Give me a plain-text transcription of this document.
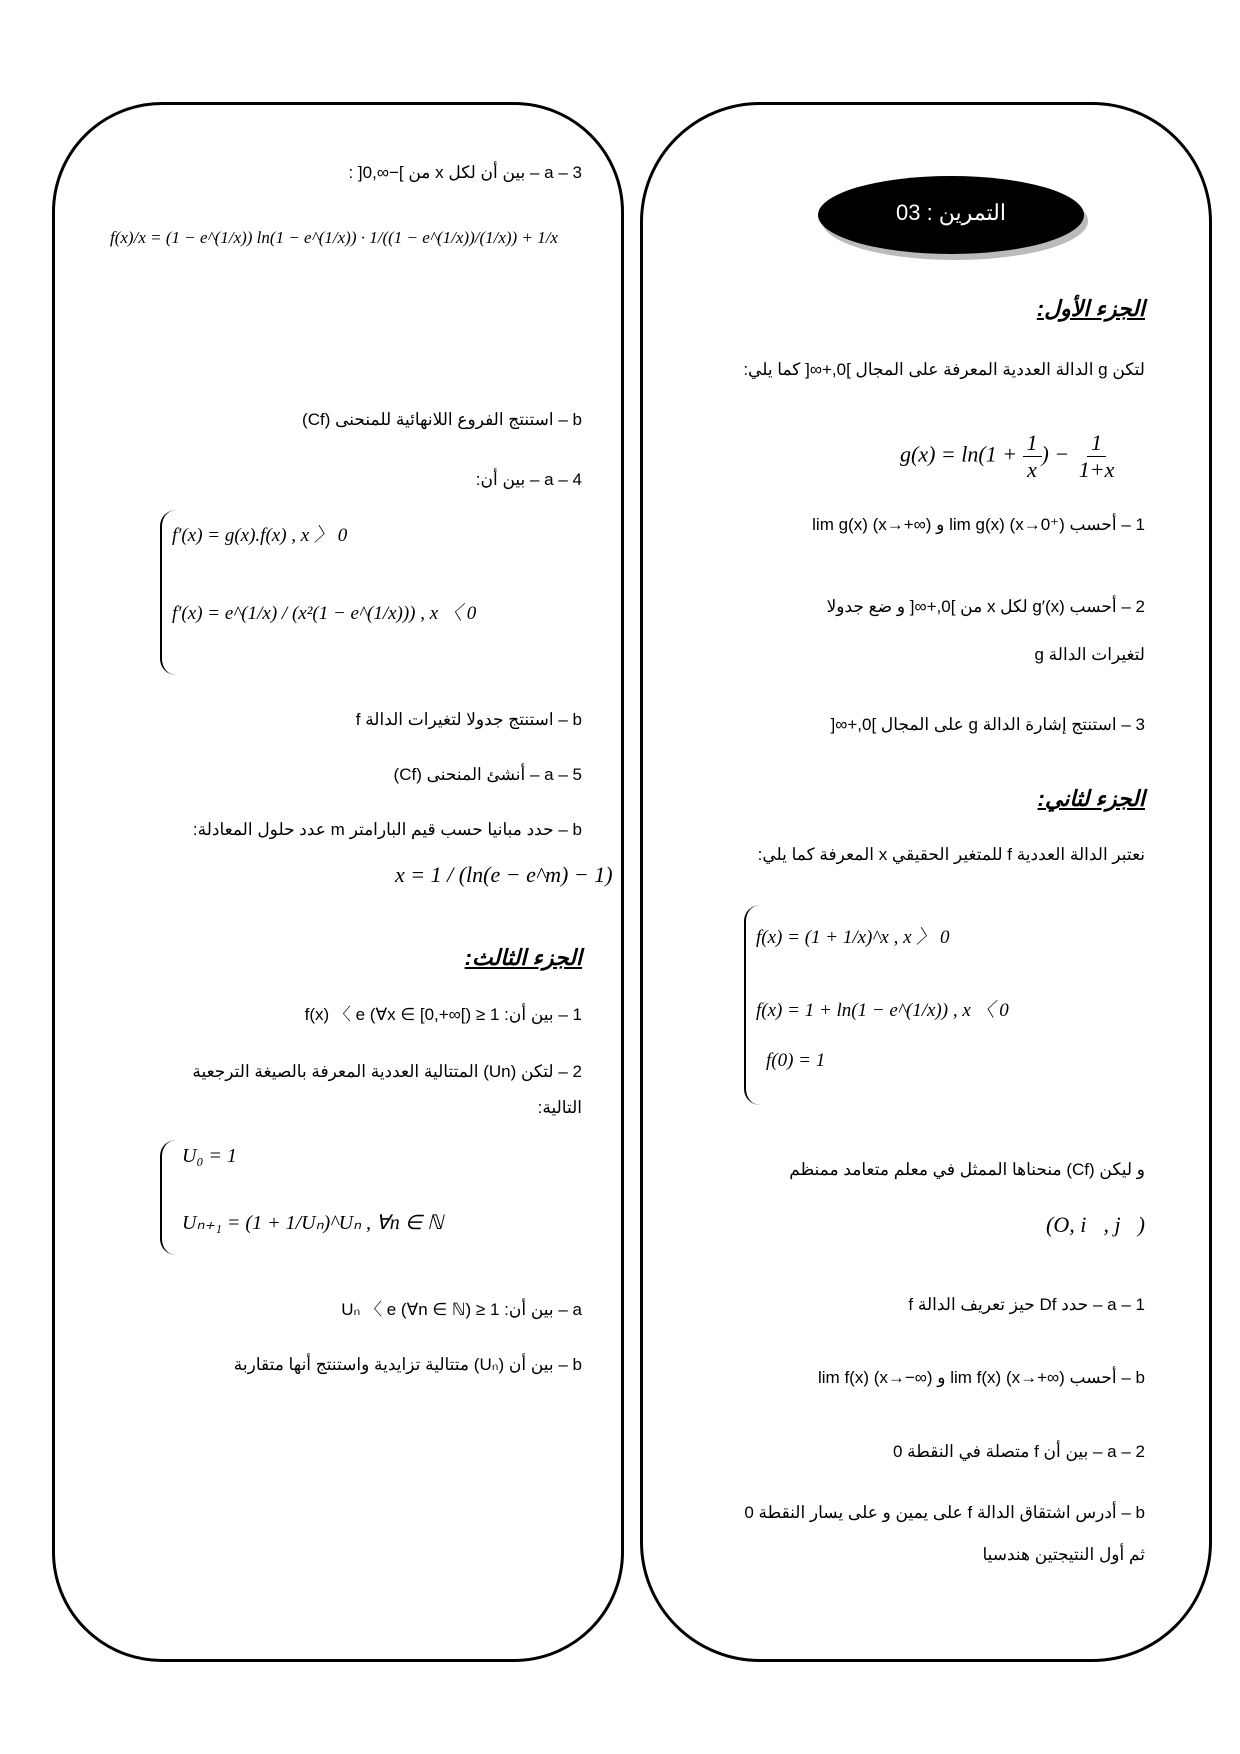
التمرين : 03
الجزء الأول:
لتكن g الدالة العددية المعرفة على المجال ]0,+∞[ كما يلي:
$g(x) = \ln(1 + \frac{1}{x}$ ) − $\frac{1}{1+x}$
1 – أحسب lim g(x) (x→0⁺) و lim g(x) (x→+∞)
2 – أحسب g′(x) لكل x من ]0,+∞[ و ضع جدولا
لتغيرات الدالة g
3 – استنتج إشارة الدالة g على المجال ]0,+∞[
الجزء لثاني:
نعتبر الدالة العددية f للمتغير الحقيقي x المعرفة كما يلي:
f(x) = (1 + 1/x)^x , x 〉 0
f(x) = 1 + ln(1 − e^(1/x)) , x 〈 0
f(0) = 1
و ليكن (Cf) منحناها الممثل في معلم متعامد ممنظم
(O, i⃗, j⃗)
1 – a – حدد Df حيز تعريف الدالة f
b – أحسب lim f(x) (x→+∞) و lim f(x) (x→−∞)
2 – a – بين أن f متصلة في النقطة 0
b – أدرس اشتقاق الدالة f على يمين و على يسار النقطة 0
ثم أول النتيجتين هندسيا
3 – a – بين أن لكل x من ]−∞,0[ :
f(x)/x = (1 − e^(1/x)) ln(1 − e^(1/x)) · 1/((1 − e^(1/x))/(1/x)) + 1/x
b – استنتج الفروع اللانهائية للمنحنى (Cf)
4 – a – بين أن:
f′(x) = g(x).f(x) , x 〉 0
f′(x) = e^(1/x) / (x²(1 − e^(1/x))) , x 〈 0
b – استنتج جدولا لتغيرات الدالة f
5 – a – أنشئ المنحنى (Cf)
b – حدد مبانيا حسب قيم البارامتر m عدد حلول المعادلة:
x = 1 / (ln(e − e^m) − 1)
الجزء الثالث:
1 – بين أن: 1 ≤ f(x) 〈 e (∀x ∈ [0,+∞[)
2 – لتكن (Un) المتتالية العددية المعرفة بالصيغة الترجعية
التالية:
U₀ = 1
Uₙ₊₁ = (1 + 1/Uₙ)^Uₙ , ∀n ∈ ℕ
a – بين أن: 1 ≤ Uₙ 〈 e (∀n ∈ ℕ)
b – بين أن (Uₙ) متتالية تزايدية واستنتج أنها متقاربة
